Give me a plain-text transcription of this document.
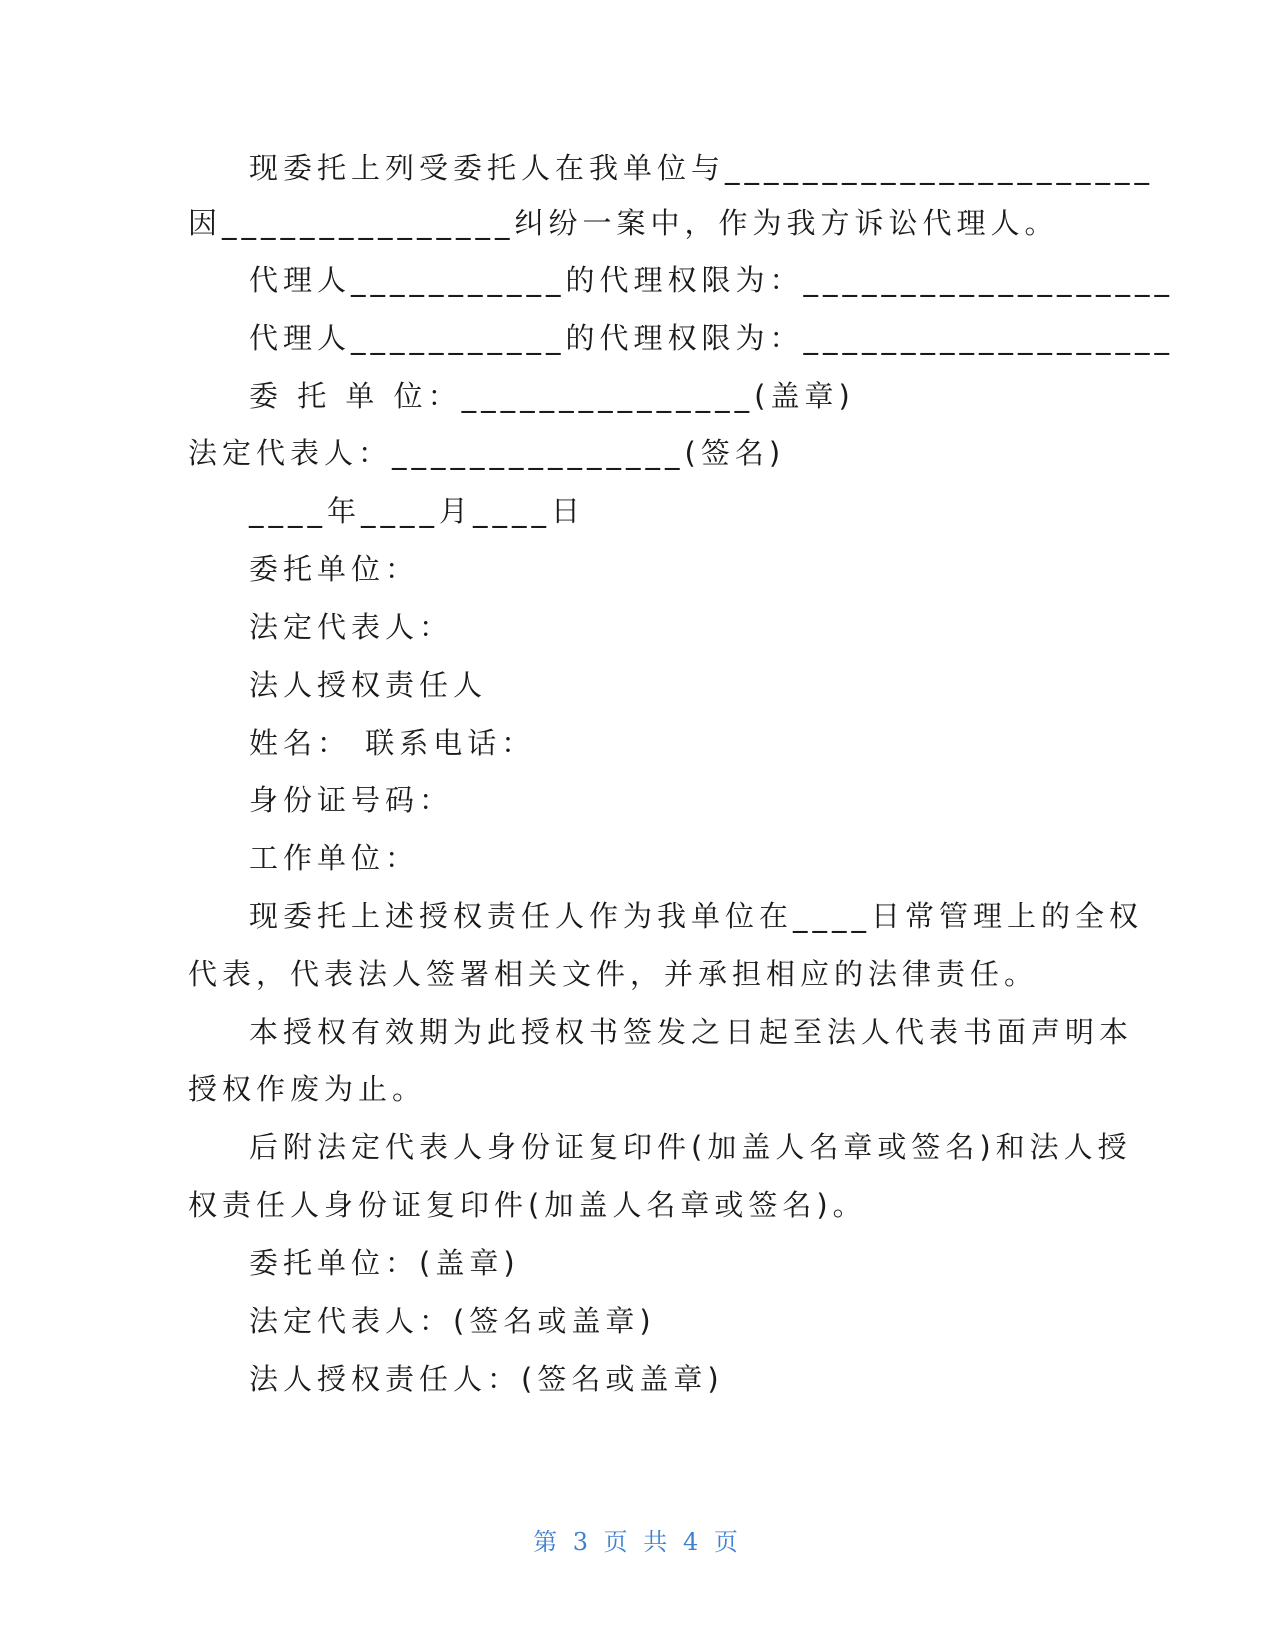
现委托上列受委托人在我单位与______________________
因_______________纠纷一案中，作为我方诉讼代理人。
代理人___________的代理权限为：___________________
代理人___________的代理权限为：___________________
委 托 单 位：_______________(盖章)
法定代表人：_______________(签名)
____年____月____日
委托单位：
法定代表人：
法人授权责任人
姓名： 联系电话：
身份证号码：
工作单位：
现委托上述授权责任人作为我单位在____日常管理上的全权
代表，代表法人签署相关文件，并承担相应的法律责任。
本授权有效期为此授权书签发之日起至法人代表书面声明本
授权作废为止。
后附法定代表人身份证复印件(加盖人名章或签名)和法人授
权责任人身份证复印件(加盖人名章或签名)。
委托单位：(盖章)
法定代表人：(签名或盖章)
法人授权责任人：(签名或盖章)
第 3 页 共 4 页
